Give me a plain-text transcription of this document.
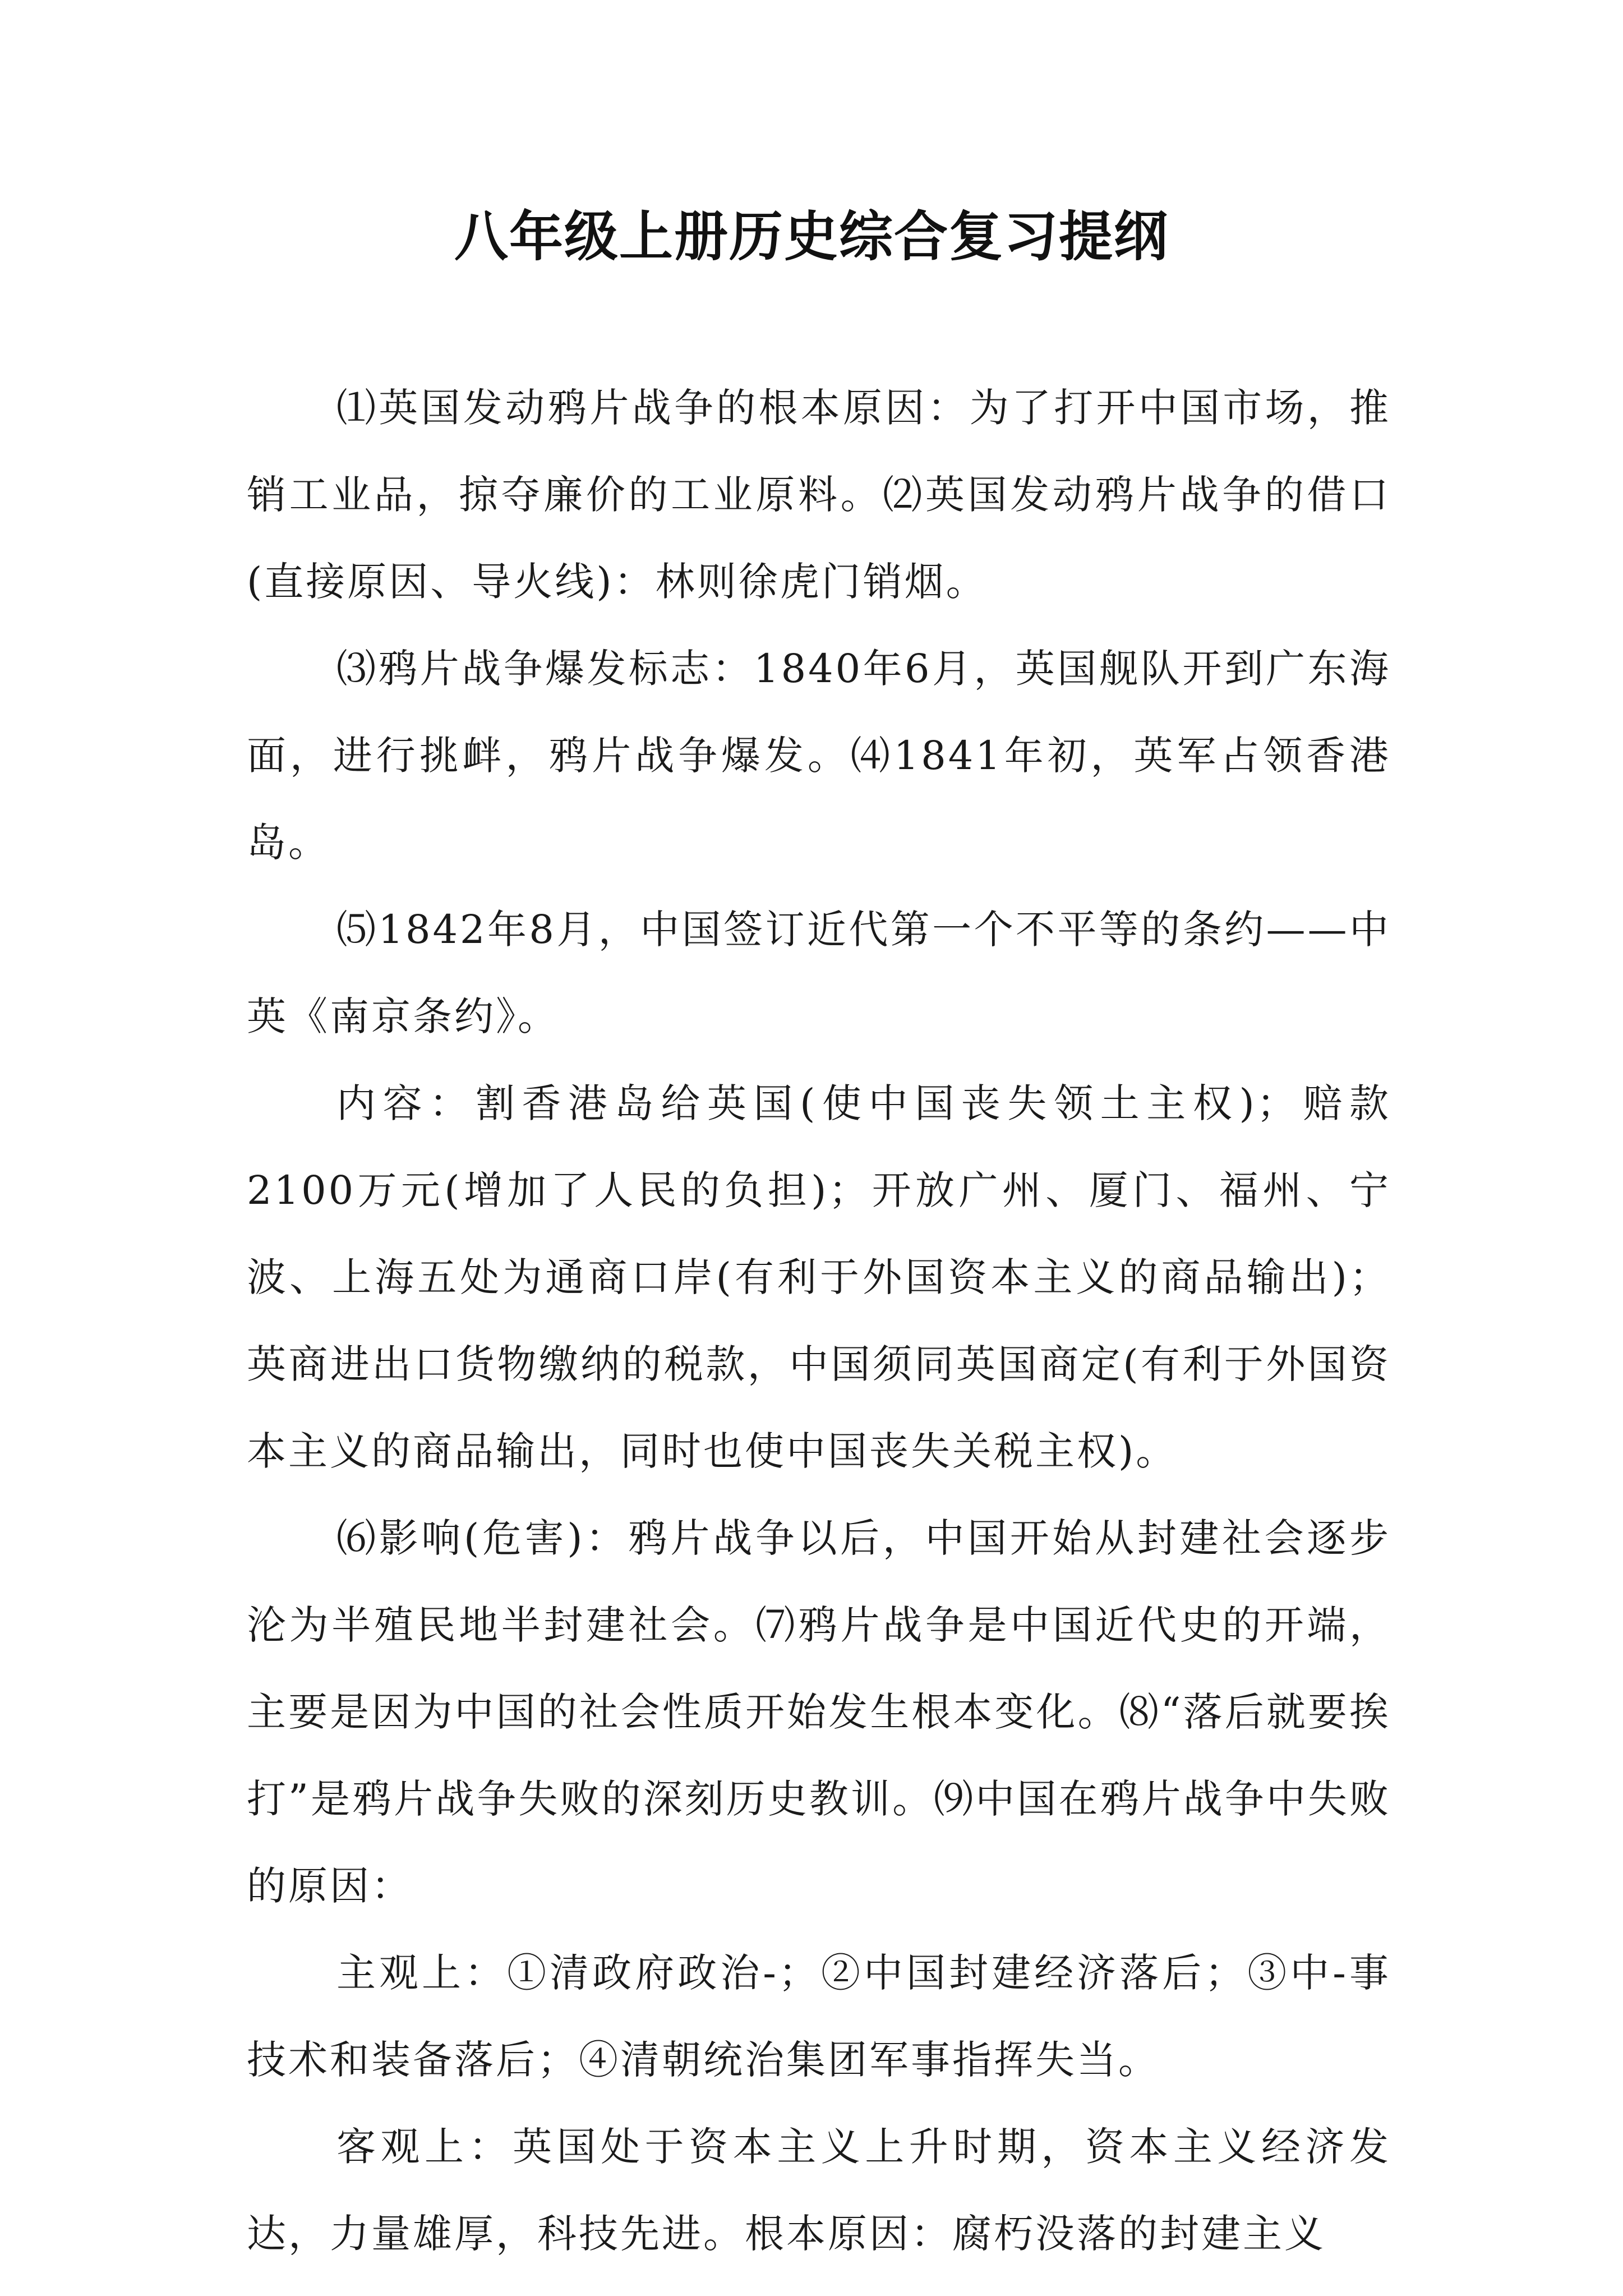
八年级上册历史综合复习提纲

⑴英国发动鸦片战争的根本原因：为了打开中国市场，推销工业品，掠夺廉价的工业原料。⑵英国发动鸦片战争的借口(直接原因、导火线)：林则徐虎门销烟。

⑶鸦片战争爆发标志：1840年6月，英国舰队开到广东海面，进行挑衅，鸦片战争爆发。⑷1841年初，英军占领香港岛。

⑸1842年8月，中国签订近代第一个不平等的条约——中英《南京条约》。

内容：割香港岛给英国(使中国丧失领土主权)；赔款2100万元(增加了人民的负担)；开放广州、厦门、福州、宁波、上海五处为通商口岸(有利于外国资本主义的商品输出)；英商进出口货物缴纳的税款，中国须同英国商定(有利于外国资本主义的商品输出，同时也使中国丧失关税主权)。

⑹影响(危害)：鸦片战争以后，中国开始从封建社会逐步沦为半殖民地半封建社会。⑺鸦片战争是中国近代史的开端，主要是因为中国的社会性质开始发生根本变化。⑻“落后就要挨打”是鸦片战争失败的深刻历史教训。⑼中国在鸦片战争中失败的原因：

主观上：①清政府政治-；②中国封建经济落后；③中-事技术和装备落后；④清朝统治集团军事指挥失当。

客观上：英国处于资本主义上升时期，资本主义经济发达，力量雄厚，科技先进。根本原因：腐朽没落的封建主义
